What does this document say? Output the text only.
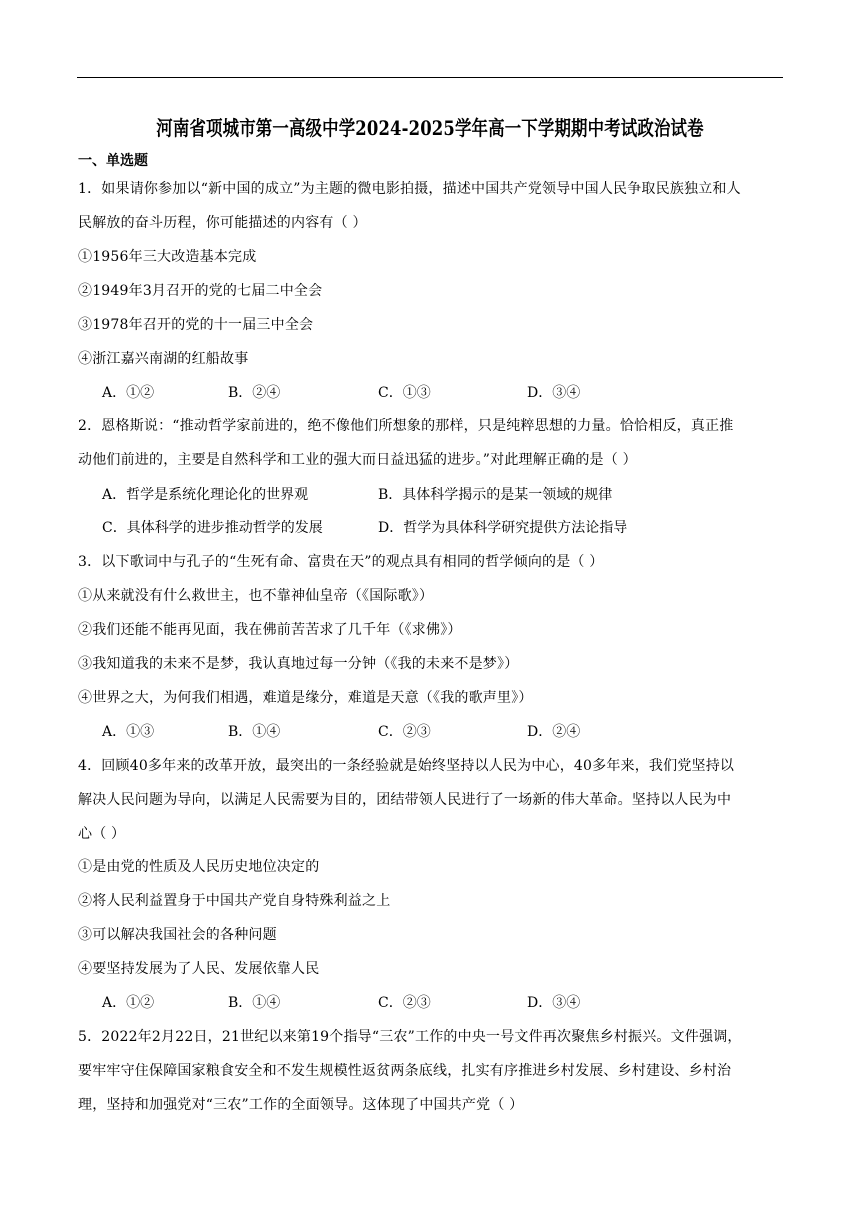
河南省项城市第一高级中学2024-2025学年高一下学期期中考试政治试卷
一、单选题
1．如果请你参加以“新中国的成立”为主题的微电影拍摄，描述中国共产党领导中国人民争取民族独立和人
民解放的奋斗历程，你可能描述的内容有（ ）
①1956年三大改造基本完成
②1949年3月召开的党的七届二中全会
③1978年召开的党的十一届三中全会
④浙江嘉兴南湖的红船故事
A．①②	B．②④	C．①③	D．③④
2．恩格斯说：“推动哲学家前进的，绝不像他们所想象的那样，只是纯粹思想的力量。恰恰相反，真正推
动他们前进的，主要是自然科学和工业的强大而日益迅猛的进步。”对此理解正确的是（ ）
A．哲学是系统化理论化的世界观	B．具体科学揭示的是某一领域的规律
C．具体科学的进步推动哲学的发展	D．哲学为具体科学研究提供方法论指导
3．以下歌词中与孔子的“生死有命、富贵在天”的观点具有相同的哲学倾向的是（ ）
①从来就没有什么救世主，也不靠神仙皇帝（《国际歌》）
②我们还能不能再见面，我在佛前苦苦求了几千年（《求佛》）
③我知道我的未来不是梦，我认真地过每一分钟（《我的未来不是梦》）
④世界之大，为何我们相遇，难道是缘分，难道是天意（《我的歌声里》）
A．①③	B．①④	C．②③	D．②④
4．回顾40多年来的改革开放，最突出的一条经验就是始终坚持以人民为中心，40多年来，我们党坚持以
解决人民问题为导向，以满足人民需要为目的，团结带领人民进行了一场新的伟大革命。坚持以人民为中
心（ ）
①是由党的性质及人民历史地位决定的
②将人民利益置身于中国共产党自身特殊利益之上
③可以解决我国社会的各种问题
④要坚持发展为了人民、发展依靠人民
A．①②	B．①④	C．②③	D．③④
5．2022年2月22日，21世纪以来第19个指导“三农”工作的中央一号文件再次聚焦乡村振兴。文件强调，
要牢牢守住保障国家粮食安全和不发生规模性返贫两条底线，扎实有序推进乡村发展、乡村建设、乡村治
理，坚持和加强党对“三农”工作的全面领导。这体现了中国共产党（ ）
